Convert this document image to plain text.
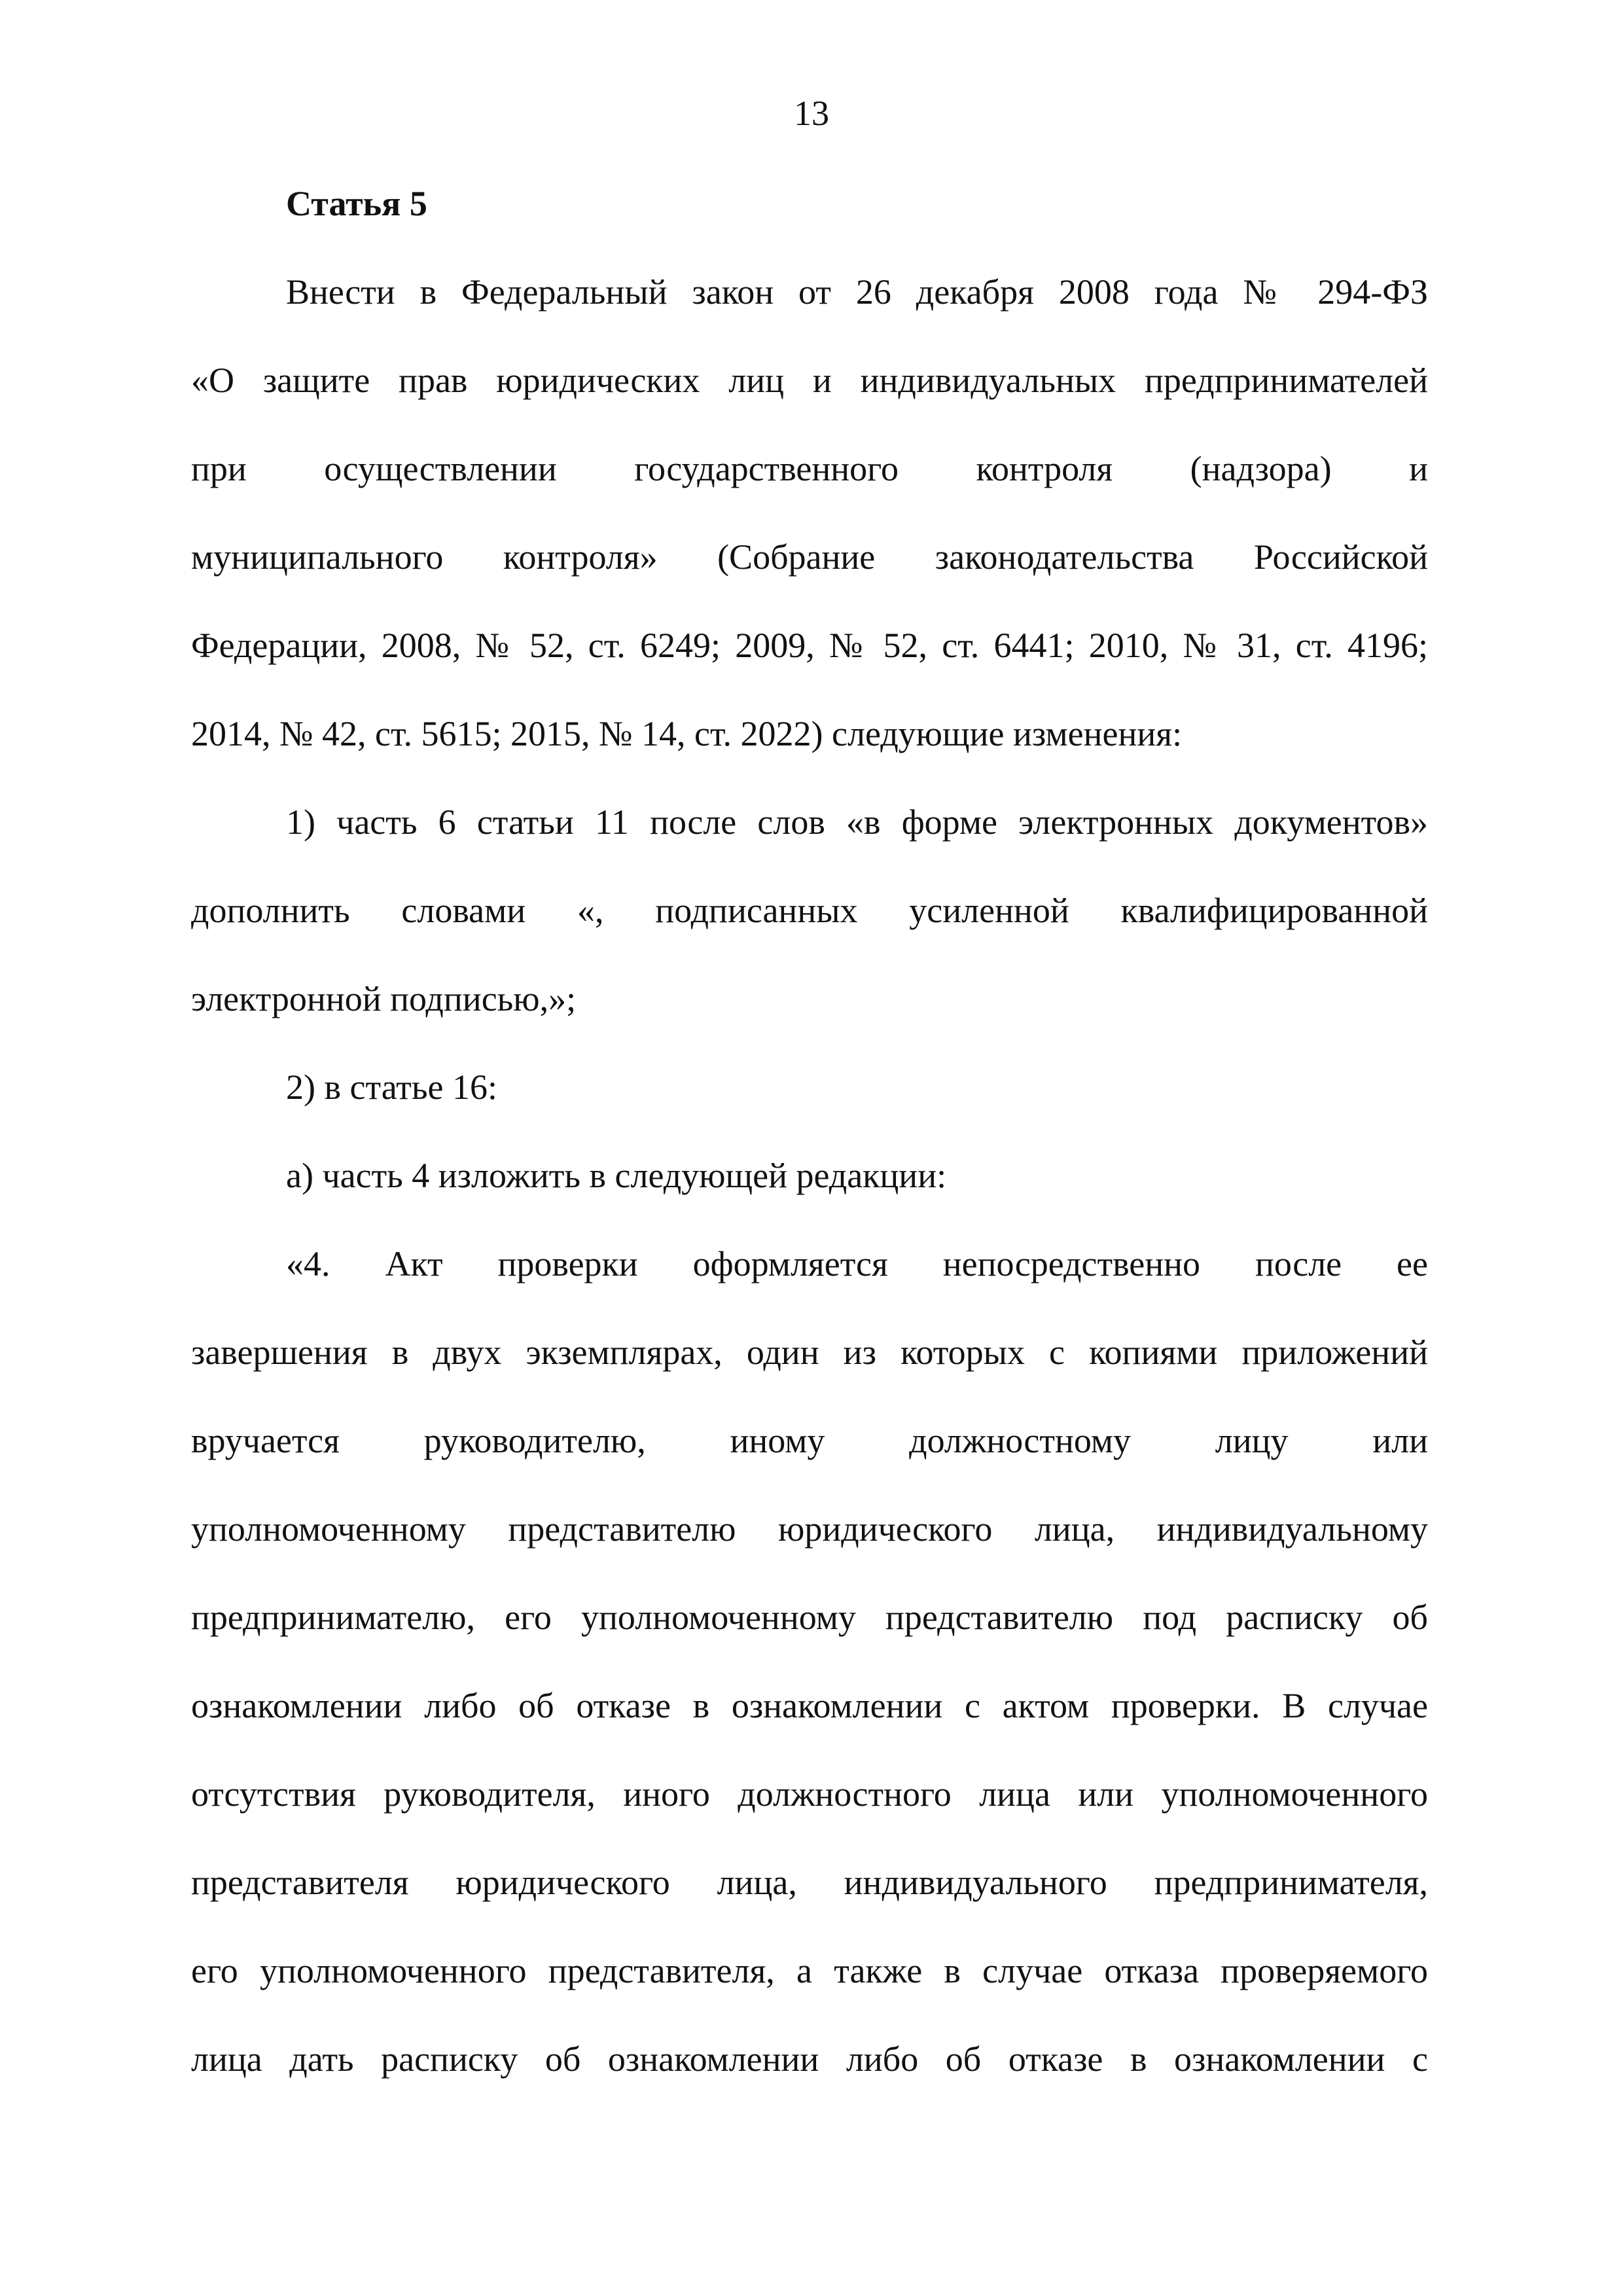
13
Статья 5
Внести в Федеральный закон от 26 декабря 2008 года № 294-ФЗ
«О защите прав юридических лиц и индивидуальных предпринимателей
при осуществлении государственного контроля (надзора) и
муниципального контроля» (Собрание законодательства Российской
Федерации, 2008, № 52, ст. 6249; 2009, № 52, ст. 6441; 2010, № 31, ст. 4196;
2014, № 42, ст. 5615; 2015, № 14, ст. 2022) следующие изменения:
1) часть 6 статьи 11 после слов «в форме электронных документов»
дополнить словами «, подписанных усиленной квалифицированной
электронной подписью,»;
2) в статье 16:
а) часть 4 изложить в следующей редакции:
«4. Акт проверки оформляется непосредственно после ее
завершения в двух экземплярах, один из которых с копиями приложений
вручается руководителю, иному должностному лицу или
уполномоченному представителю юридического лица, индивидуальному
предпринимателю, его уполномоченному представителю под расписку об
ознакомлении либо об отказе в ознакомлении с актом проверки. В случае
отсутствия руководителя, иного должностного лица или уполномоченного
представителя юридического лица, индивидуального предпринимателя,
его уполномоченного представителя, а также в случае отказа проверяемого
лица дать расписку об ознакомлении либо об отказе в ознакомлении с
